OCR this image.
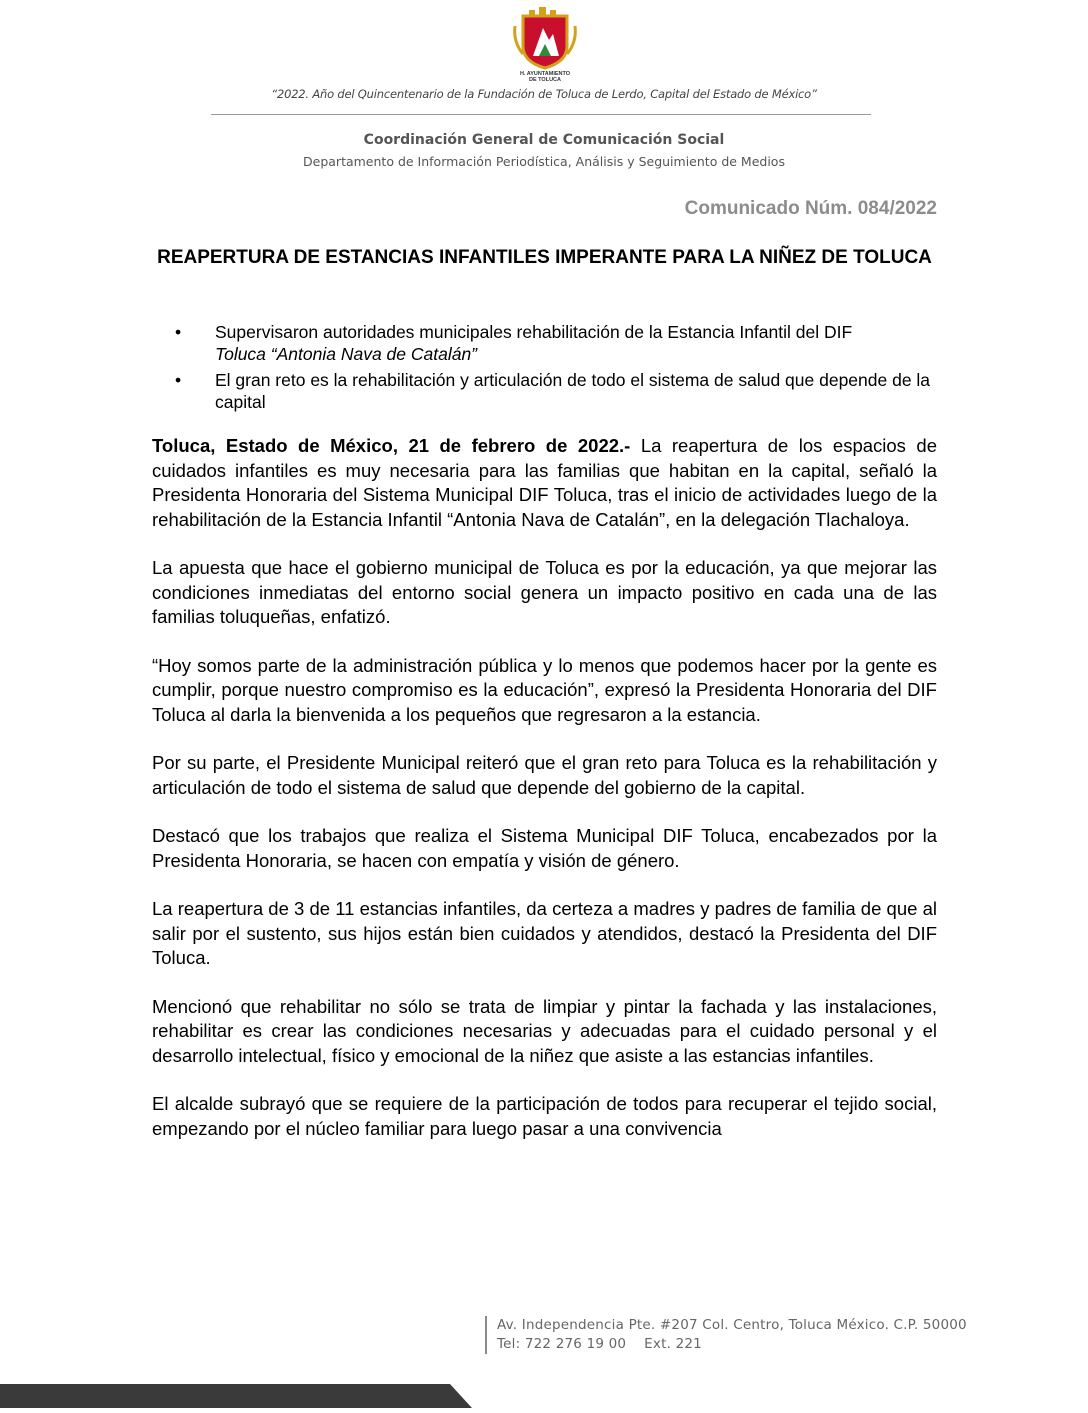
H. AYUNTAMIENTO
DE TOLUCA
“2022. Año del Quincentenario de la Fundación de Toluca de Lerdo, Capital del Estado de México”
Coordinación General de Comunicación Social
Departamento de Información Periodística, Análisis y Seguimiento de Medios
Comunicado Núm. 084/2022
REAPERTURA DE ESTANCIAS INFANTILES IMPERANTE PARA LA NIÑEZ DE TOLUCA
• Supervisaron autoridades municipales rehabilitación de la Estancia Infantil del DIF
Toluca “Antonia Nava de Catalán”
• El gran reto es la rehabilitación y articulación de todo el sistema de salud que depende de la capital

Toluca, Estado de México, 21 de febrero de 2022.- La reapertura de los espacios de cuidados infantiles es muy necesaria para las familias que habitan en la capital, señaló la Presidenta Honoraria del Sistema Municipal DIF Toluca, tras el inicio de actividades luego de la rehabilitación de la Estancia Infantil “Antonia Nava de Catalán”, en la delegación Tlachaloya.

La apuesta que hace el gobierno municipal de Toluca es por la educación, ya que mejorar las condiciones inmediatas del entorno social genera un impacto positivo en cada una de las familias toluqueñas, enfatizó.

“Hoy somos parte de la administración pública y lo menos que podemos hacer por la gente es cumplir, porque nuestro compromiso es la educación”, expresó la Presidenta Honoraria del DIF Toluca al darla la bienvenida a los pequeños que regresaron a la estancia.

Por su parte, el Presidente Municipal reiteró que el gran reto para Toluca es la rehabilitación y articulación de todo el sistema de salud que depende del gobierno de la capital.

Destacó que los trabajos que realiza el Sistema Municipal DIF Toluca, encabezados por la Presidenta Honoraria, se hacen con empatía y visión de género.

La reapertura de 3 de 11 estancias infantiles, da certeza a madres y padres de familia de que al salir por el sustento, sus hijos están bien cuidados y atendidos, destacó la Presidenta del DIF Toluca.

Mencionó que rehabilitar no sólo se trata de limpiar y pintar la fachada y las instalaciones, rehabilitar es crear las condiciones necesarias y adecuadas para el cuidado personal y el desarrollo intelectual, físico y emocional de la niñez que asiste a las estancias infantiles.

El alcalde subrayó que se requiere de la participación de todos para recuperar el tejido social, empezando por el núcleo familiar para luego pasar a una convivencia

Av. Independencia Pte. #207 Col. Centro, Toluca México. C.P. 50000
Tel: 722 276 19 00    Ext. 221
